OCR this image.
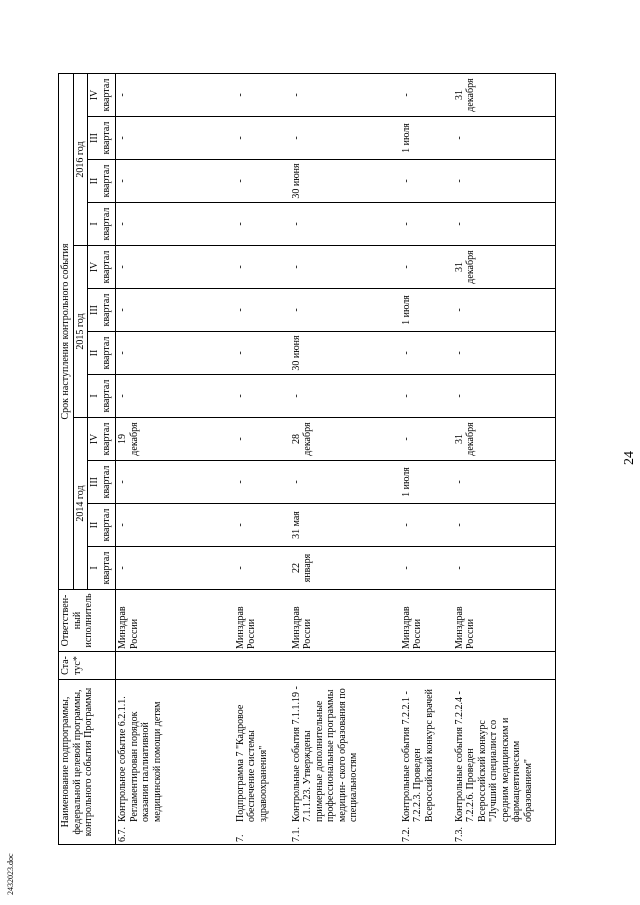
24
2432023.doc
Наименование подпрограммы, федеральной целевой программы, контрольного события Программы	Ста- тус*	Ответствен- ный исполнитель	Срок наступления контрольного события											
			2014 год				2015 год				2016 год			
			I квартал	II квартал	III квартал	IV квартал	I квартал	II квартал	III квартал	IV квартал	I квартал	II квартал	III квартал	IV квартал

6.7.
Контрольное событие 6.2.1.1. Регламентирован порядок оказания паллиативной медицинской помощи детям		Минздрав России	-	-	-	19 декабря	-	-	-	-	-	-	-	-

7.
Подпрограмма 7 "Кадровое обеспечение системы здравоохранения"		Минздрав России	-	-	-	-	-	-	-	-	-	-	-	-

7.1.
Контрольные события 7.1.1.19 - 7.1.1.23. Утверждены примерные дополнительные профессиональные программы медицин- ского образования по специальностям		Минздрав России	22 января	31 мая	-	28 декабря	-	30 июня	-	-	-	30 июня	-	-

7.2.
Контрольные события 7.2.2.1 - 7.2.2.3. Проведен Всероссийский конкурс врачей		Минздрав России	-	-	1 июля	-	-	-	1 июля	-	-	-	1 июля	-

7.3.
Контрольные события 7.2.2.4 - 7.2.2.6. Проведен Всероссийский конкурс "Лучший специалист со средним медицинским и фармацевтическим образованием"		Минздрав России	-	-	-	31 декабря	-	-	-	31 декабря	-	-	-	31 декабря
